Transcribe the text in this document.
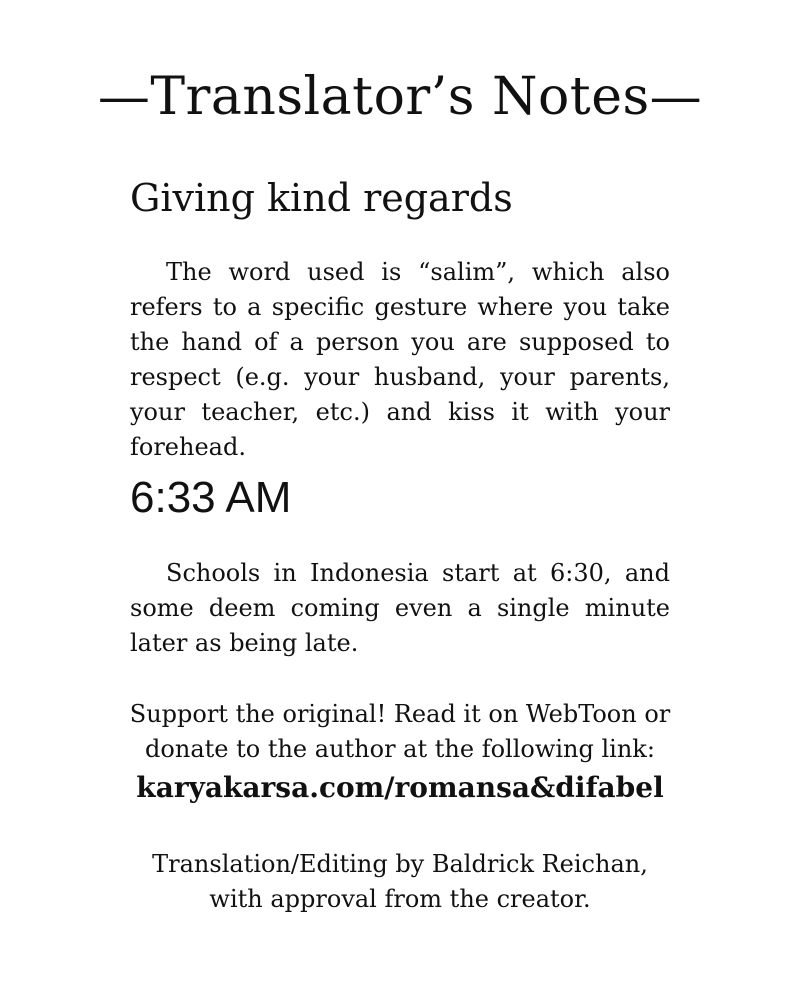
—Translator’s Notes—
Giving kind regards

The word used is “salim”, which also refers to a specific gesture where you take the hand of a person you are supposed to respect (e.g. your husband, your parents, your teacher, etc.) and kiss it with your forehead.

6:33 AM

Schools in Indonesia start at 6:30, and some deem coming even a single minute later as being late.

Support the original! Read it on WebToon or
donate to the author at the following link:
karyakarsa.com/romansa&difabel
Translation/Editing by Baldrick Reichan,
with approval from the creator.
